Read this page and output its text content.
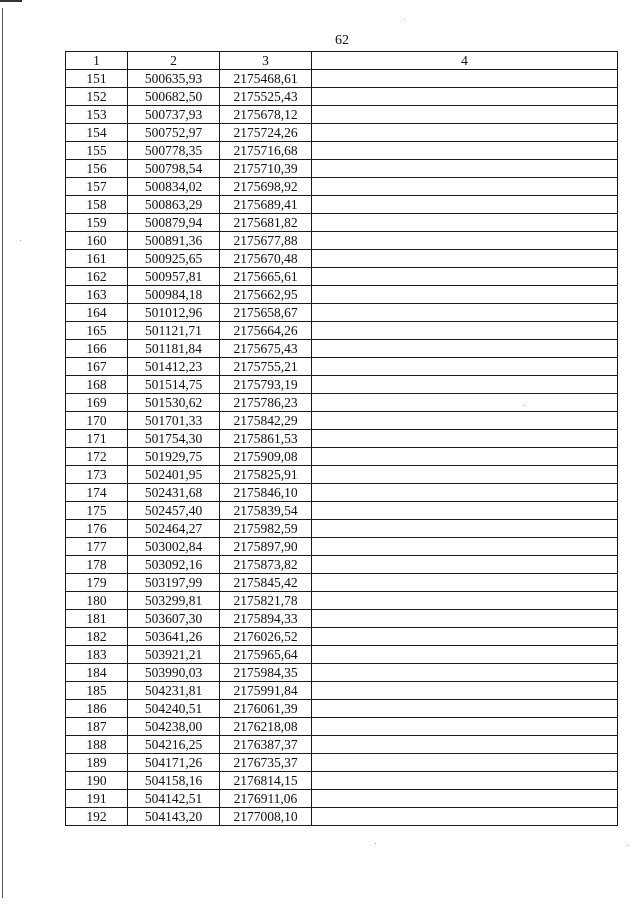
62
1	2	3	4
151	500635,93	2175468,61	
152	500682,50	2175525,43	
153	500737,93	2175678,12	
154	500752,97	2175724,26	
155	500778,35	2175716,68	
156	500798,54	2175710,39	
157	500834,02	2175698,92	
158	500863,29	2175689,41	
159	500879,94	2175681,82	
160	500891,36	2175677,88	
161	500925,65	2175670,48	
162	500957,81	2175665,61	
163	500984,18	2175662,95	
164	501012,96	2175658,67	
165	501121,71	2175664,26	
166	501181,84	2175675,43	
167	501412,23	2175755,21	
168	501514,75	2175793,19	
169	501530,62	2175786,23	
170	501701,33	2175842,29	
171	501754,30	2175861,53	
172	501929,75	2175909,08	
173	502401,95	2175825,91	
174	502431,68	2175846,10	
175	502457,40	2175839,54	
176	502464,27	2175982,59	
177	503002,84	2175897,90	
178	503092,16	2175873,82	
179	503197,99	2175845,42	
180	503299,81	2175821,78	
181	503607,30	2175894,33	
182	503641,26	2176026,52	
183	503921,21	2175965,64	
184	503990,03	2175984,35	
185	504231,81	2175991,84	
186	504240,51	2176061,39	
187	504238,00	2176218,08	
188	504216,25	2176387,37	
189	504171,26	2176735,37	
190	504158,16	2176814,15	
191	504142,51	2176911,06	
192	504143,20	2177008,10	
